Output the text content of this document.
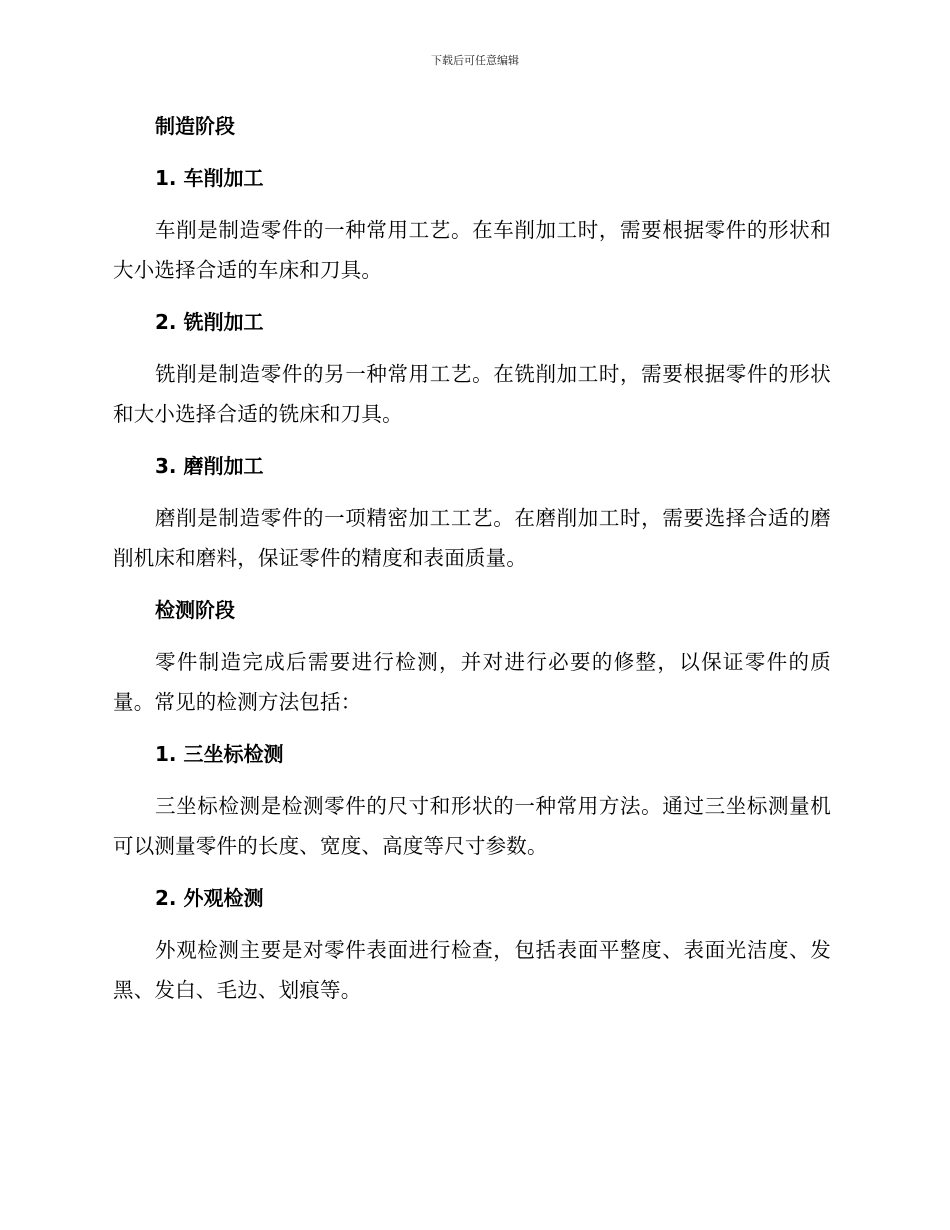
下载后可任意编辑
制造阶段
1. 车削加工
车削是制造零件的一种常用工艺。在车削加工时，需要根据零件的形状和大小选择合适的车床和刀具。
2. 铣削加工
铣削是制造零件的另一种常用工艺。在铣削加工时，需要根据零件的形状和大小选择合适的铣床和刀具。
3. 磨削加工
磨削是制造零件的一项精密加工工艺。在磨削加工时，需要选择合适的磨削机床和磨料，保证零件的精度和表面质量。
检测阶段
零件制造完成后需要进行检测，并对进行必要的修整，以保证零件的质量。常见的检测方法包括：
1. 三坐标检测
三坐标检测是检测零件的尺寸和形状的一种常用方法。通过三坐标测量机可以测量零件的长度、宽度、高度等尺寸参数。
2. 外观检测
外观检测主要是对零件表面进行检查，包括表面平整度、表面光洁度、发黑、发白、毛边、划痕等。
